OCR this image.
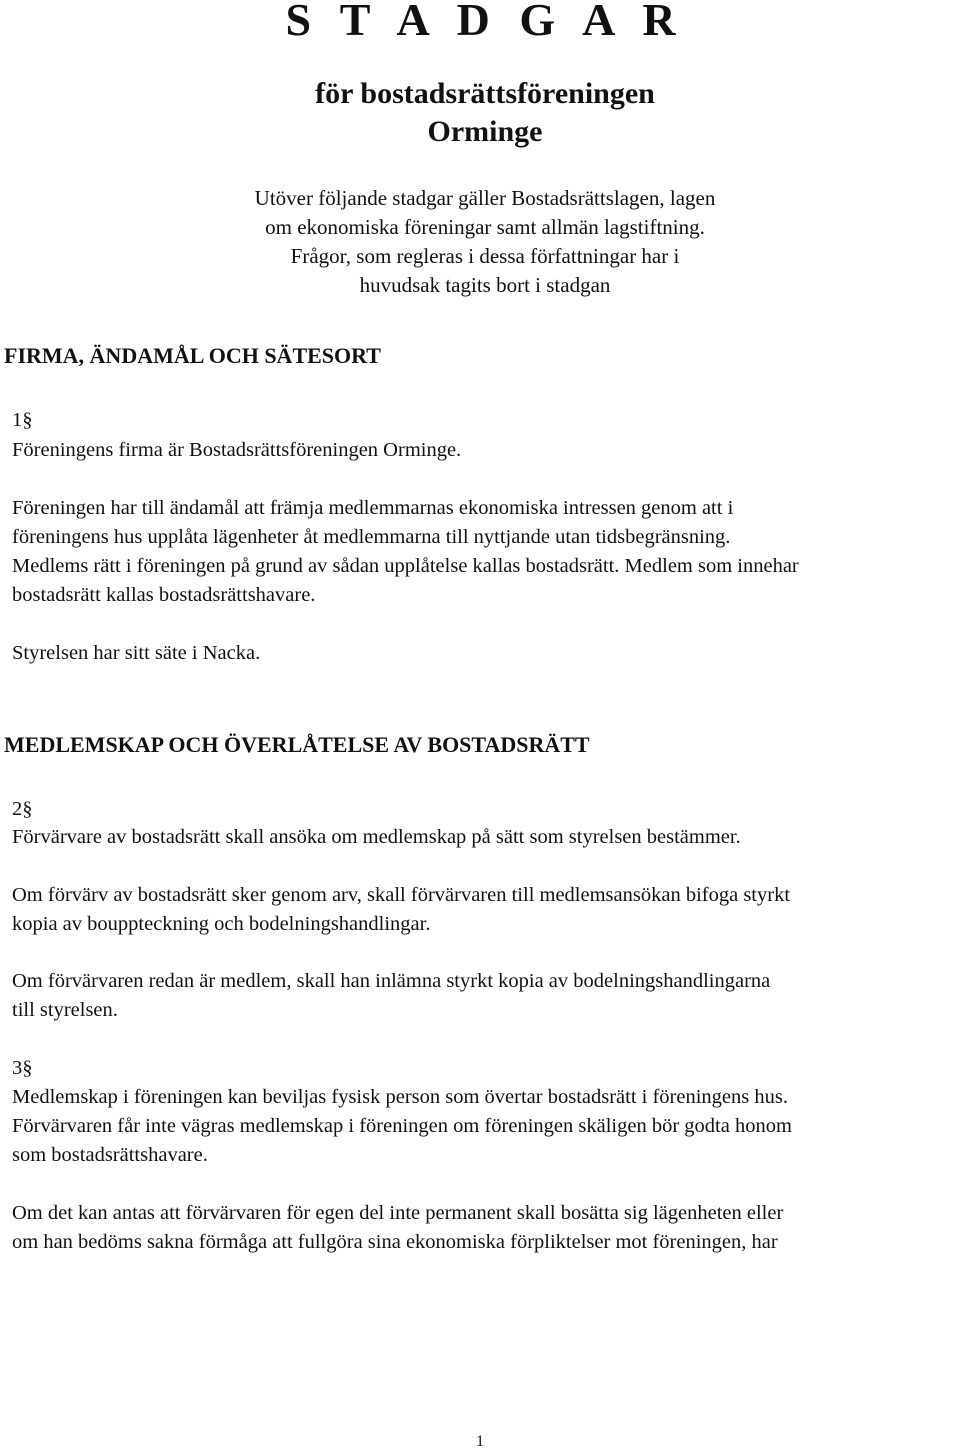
S T A D G A R
för bostadsrättsföreningen
Orminge
Utöver följande stadgar gäller Bostadsrättslagen, lagen
om ekonomiska föreningar samt allmän lagstiftning.
Frågor, som regleras i dessa författningar har i
huvudsak tagits bort i stadgan
FIRMA, ÄNDAMÅL OCH SÄTESORT
1§

Föreningens firma är Bostadsrättsföreningen Orminge.

Föreningen har till ändamål att främja medlemmarnas ekonomiska intressen genom att i
föreningens hus upplåta lägenheter åt medlemmarna till nyttjande utan tidsbegränsning.
Medlems rätt i föreningen på grund av sådan upplåtelse kallas bostadsrätt. Medlem som innehar
bostadsrätt kallas bostadsrättshavare.

Styrelsen har sitt säte i Nacka.

MEDLEMSKAP OCH ÖVERLÅTELSE AV BOSTADSRÄTT
2§

Förvärvare av bostadsrätt skall ansöka om medlemskap på sätt som styrelsen bestämmer.

Om förvärv av bostadsrätt sker genom arv, skall förvärvaren till medlemsansökan bifoga styrkt
kopia av bouppteckning och bodelningshandlingar.
Om förvärvaren redan är medlem, skall han inlämna styrkt kopia av bodelningshandlingarna
till styrelsen.
3§
Medlemskap i föreningen kan beviljas fysisk person som övertar bostadsrätt i föreningens hus.
Förvärvaren får inte vägras medlemskap i föreningen om föreningen skäligen bör godta honom
som bostadsrättshavare.
Om det kan antas att förvärvaren för egen del inte permanent skall bosätta sig lägenheten eller
om han bedöms sakna förmåga att fullgöra sina ekonomiska förpliktelser mot föreningen, har
1
